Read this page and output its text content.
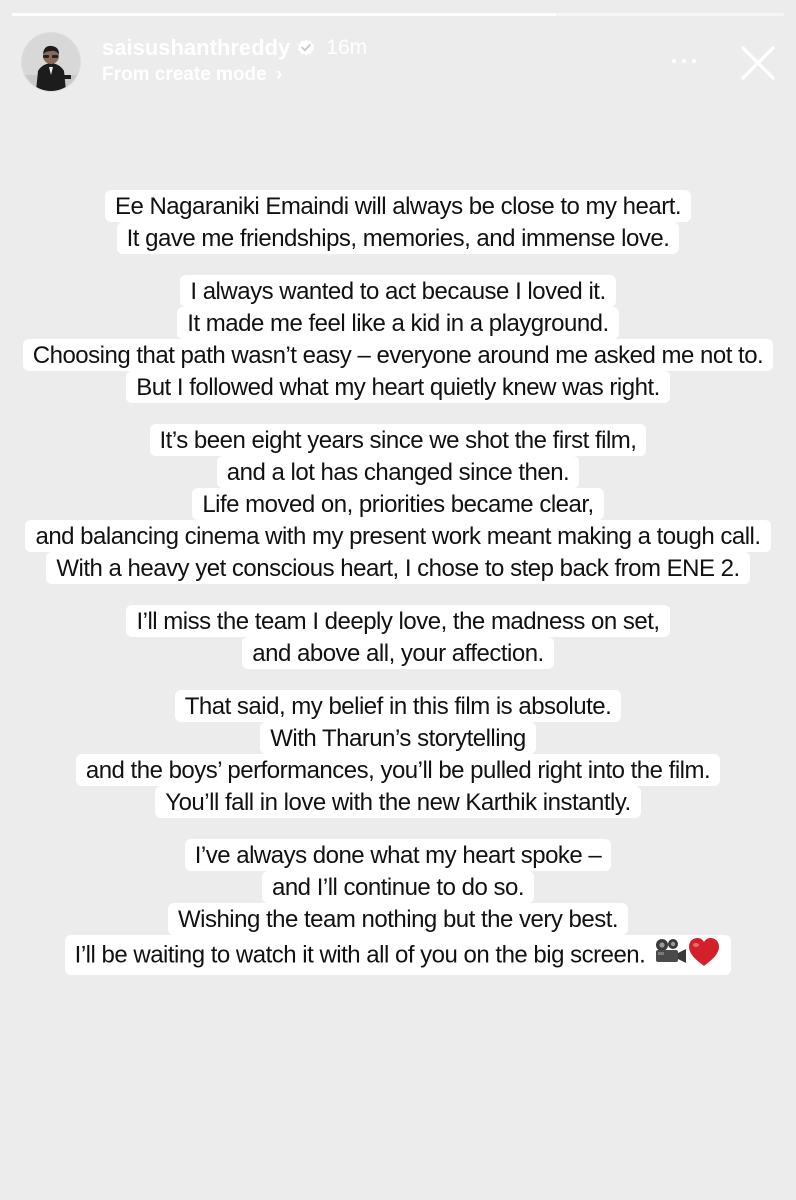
saisushanthreddy 16m
From create mode ›
Ee Nagaraniki Emaindi will always be close to my heart.
It gave me friendships, memories, and immense love.
I always wanted to act because I loved it.
It made me feel like a kid in a playground.
Choosing that path wasn’t easy – everyone around me asked me not to.
But I followed what my heart quietly knew was right.
It’s been eight years since we shot the first film,
and a lot has changed since then.
Life moved on, priorities became clear,
and balancing cinema with my present work meant making a tough call.
With a heavy yet conscious heart, I chose to step back from ENE 2.
I’ll miss the team I deeply love, the madness on set,
and above all, your affection.
That said, my belief in this film is absolute.
With Tharun’s storytelling
and the boys’ performances, you’ll be pulled right into the film.
You’ll fall in love with the new Karthik instantly.
I’ve always done what my heart spoke –
and I’ll continue to do so.
Wishing the team nothing but the very best.
I’ll be waiting to watch it with all of you on the big screen.
